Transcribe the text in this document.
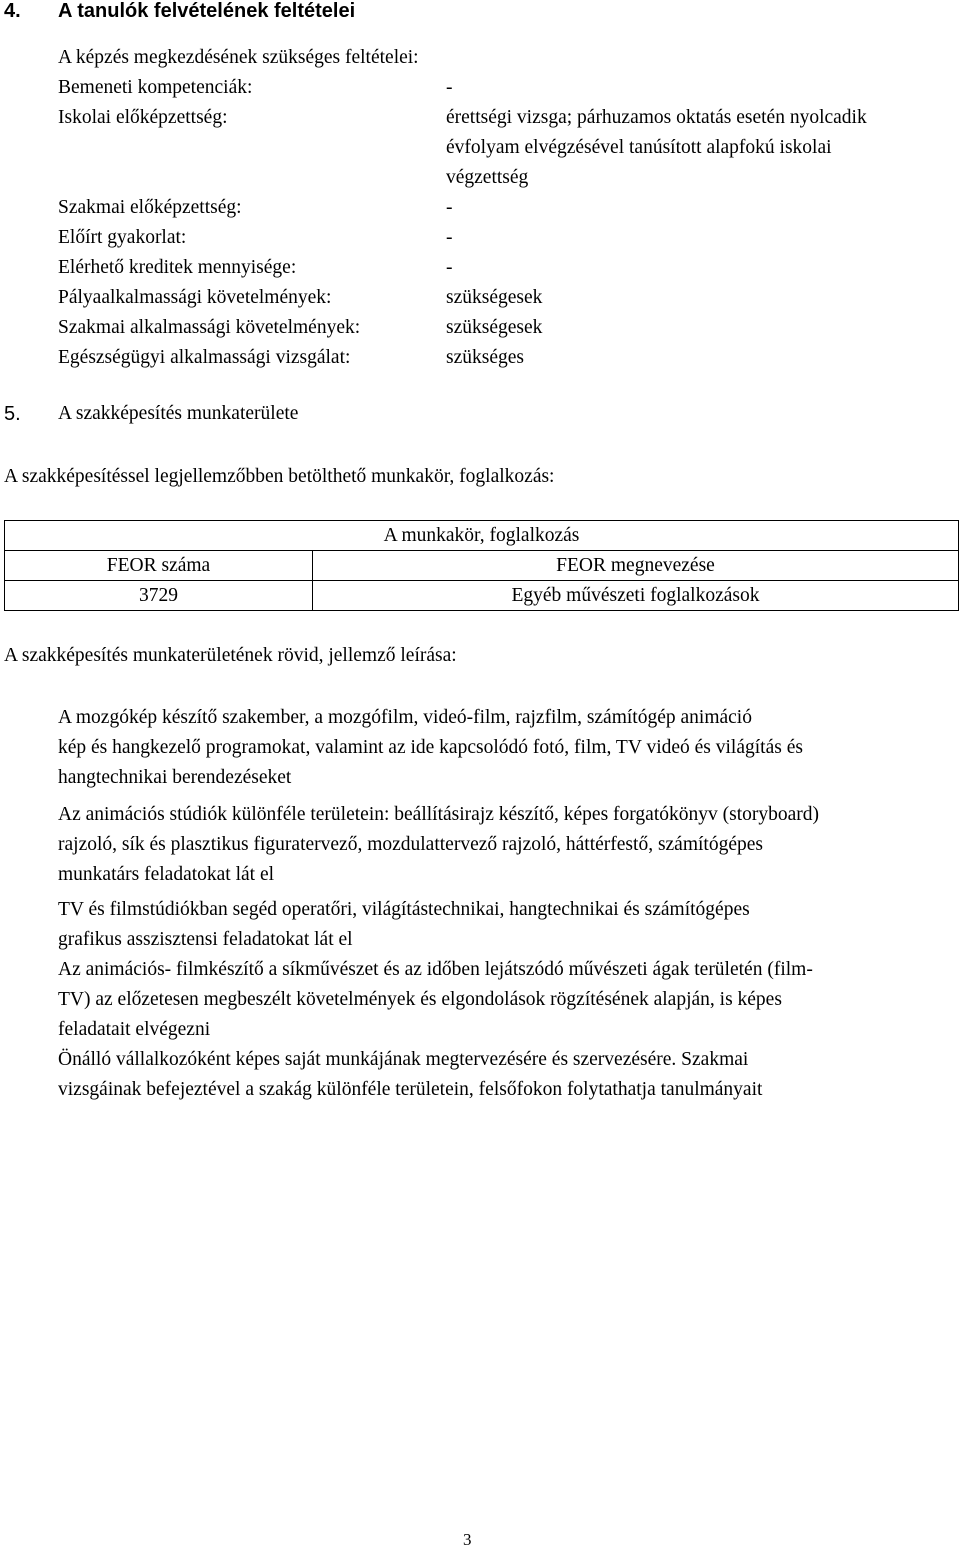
4. A tanulók felvételének feltételei
A képzés megkezdésének szükséges feltételei:
Bemeneti kompetenciák:	-
Iskolai előképzettség:	érettségi vizsga; párhuzamos oktatás esetén nyolcadik
évfolyam elvégzésével tanúsított alapfokú iskolai
végzettség
Szakmai előképzettség:	-
Előírt gyakorlat:	-
Elérhető kreditek mennyisége:	-
Pályaalkalmassági követelmények:	szükségesek
Szakmai alkalmassági követelmények:	szükségesek
Egészségügyi alkalmassági vizsgálat:	szükséges
5. A szakképesítés munkaterülete
A szakképesítéssel legjellemzőbben betölthető munkakör, foglalkozás:
A munkakör, foglalkozás	
FEOR száma	FEOR megnevezése
3729	Egyéb művészeti foglalkozások
A szakképesítés munkaterületének rövid, jellemző leírása:
A mozgókép készítő szakember, a mozgófilm, videó-film, rajzfilm, számítógép animáció
kép és hangkezelő programokat, valamint az ide kapcsolódó fotó, film, TV videó és világítás és
hangtechnikai berendezéseket
Az animációs stúdiók különféle területein: beállításirajz készítő, képes forgatókönyv (storyboard)
rajzoló, sík és plasztikus figuratervező, mozdulattervező rajzoló, háttérfestő, számítógépes
munkatárs feladatokat lát el
TV és filmstúdiókban segéd operatőri, világítástechnikai, hangtechnikai és számítógépes
grafikus asszisztensi feladatokat lát el
Az animációs- filmkészítő a síkművészet és az időben lejátszódó művészeti ágak területén (film-
TV) az előzetesen megbeszélt követelmények és elgondolások rögzítésének alapján, is képes
feladatait elvégezni
Önálló vállalkozóként képes saját munkájának megtervezésére és szervezésére. Szakmai
vizsgáinak befejeztével a szakág különféle területein, felsőfokon folytathatja tanulmányait
3
